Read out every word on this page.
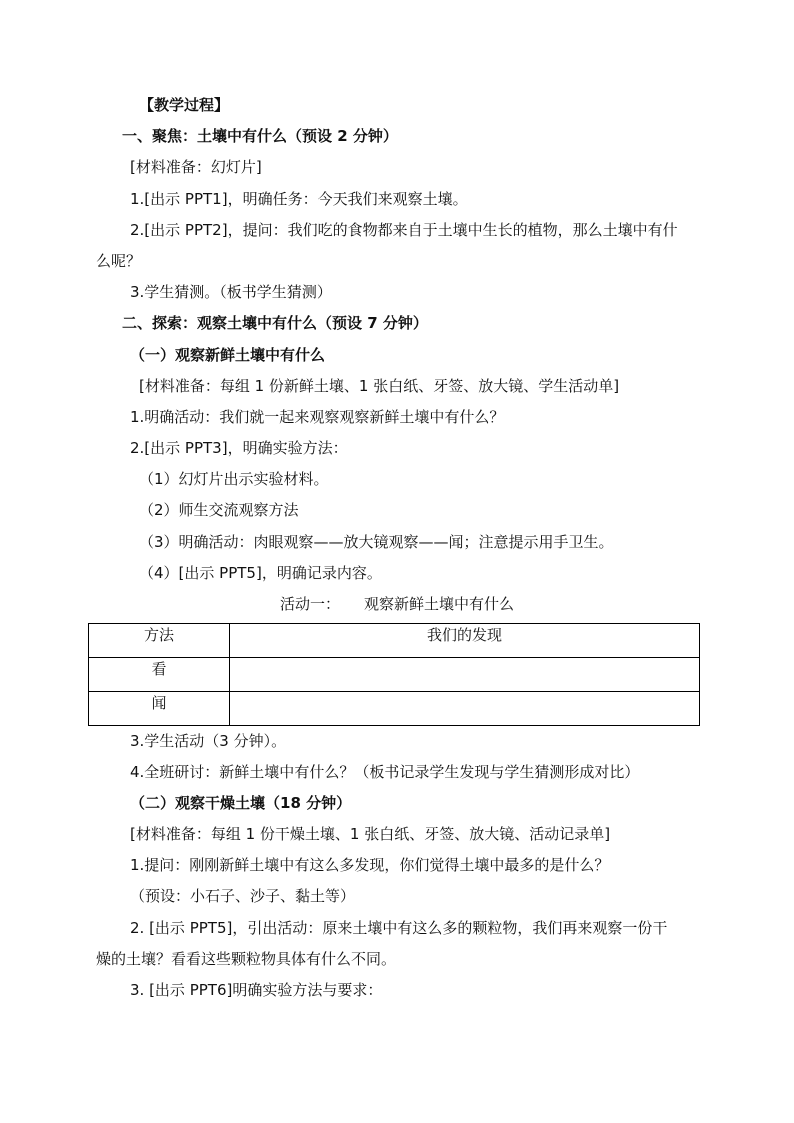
【教学过程】
一、聚焦：土壤中有什么（预设 2 分钟）
[材料准备：幻灯片]
1.[出示 PPT1]，明确任务：今天我们来观察土壤。
2.[出示 PPT2]，提问：我们吃的食物都来自于土壤中生长的植物，那么土壤中有什
么呢？
3.学生猜测。（板书学生猜测）
二、探索：观察土壤中有什么（预设 7 分钟）
（一）观察新鲜土壤中有什么
[材料准备：每组 1 份新鲜土壤、1 张白纸、牙签、放大镜、学生活动单]
1.明确活动：我们就一起来观察观察新鲜土壤中有什么？
2.[出示 PPT3]，明确实验方法：
（1）幻灯片出示实验材料。
（2）师生交流观察方法
（3）明确活动：肉眼观察——放大镜观察——闻；注意提示用手卫生。
（4）[出示 PPT5]，明确记录内容。
活动一： 观察新鲜土壤中有什么
方法	我们的发现
看	
闻	
3.学生活动（3 分钟）。
4.全班研讨：新鲜土壤中有什么？（板书记录学生发现与学生猜测形成对比）
（二）观察干燥土壤（18 分钟）
[材料准备：每组 1 份干燥土壤、1 张白纸、牙签、放大镜、活动记录单]
1.提问：刚刚新鲜土壤中有这么多发现，你们觉得土壤中最多的是什么？
（预设：小石子、沙子、黏土等）
2. [出示 PPT5]，引出活动：原来土壤中有这么多的颗粒物，我们再来观察一份干
燥的土壤？看看这些颗粒物具体有什么不同。
3. [出示 PPT6]明确实验方法与要求：
